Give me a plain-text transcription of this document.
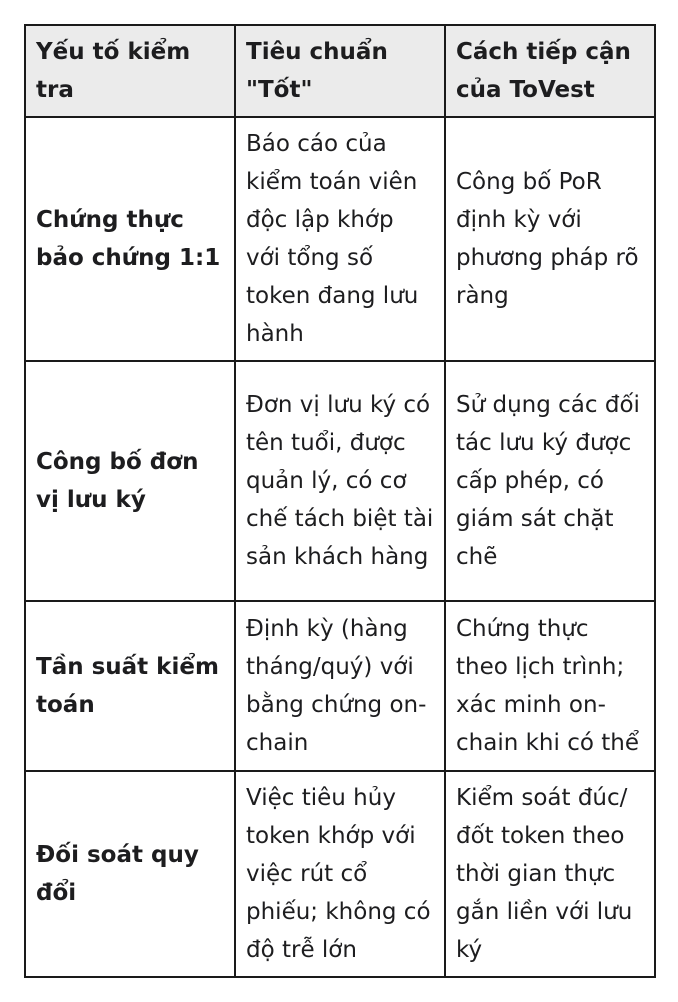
Yếu tố kiểm tra	Tiêu chuẩn "Tốt"	Cách tiếp cận của ToVest
Chứng thực bảo chứng 1:1	Báo cáo của kiểm toán viên độc lập khớp với tổng số token đang lưu hành	Công bố PoR định kỳ với phương pháp rõ ràng
Công bố đơn vị lưu ký	Đơn vị lưu ký có tên tuổi, được quản lý, có cơ chế tách biệt tài sản khách hàng	Sử dụng các đối tác lưu ký được cấp phép, có giám sát chặt chẽ
Tần suất kiểm toán	Định kỳ (hàng tháng/quý) với bằng chứng on-chain	Chứng thực theo lịch trình; xác minh on-chain khi có thể
Đối soát quy đổi	Việc tiêu hủy token khớp với việc rút cổ phiếu; không có độ trễ lớn	Kiểm soát đúc/đốt token theo thời gian thực gắn liền với lưu ký
